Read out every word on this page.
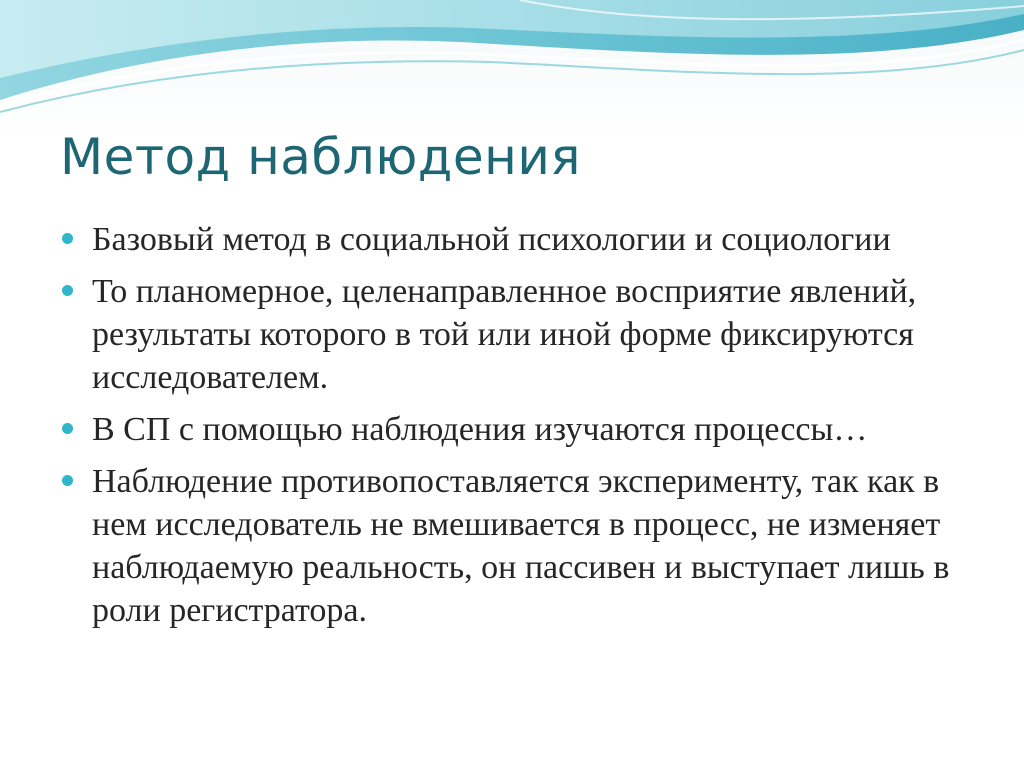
Метод наблюдения
Базовый метод в социальной психологии и социологии
То планомерное, целенаправленное восприятие явлений, результаты которого в той или иной форме фиксируются исследователем.
В СП с помощью наблюдения изучаются процессы…
Наблюдение противопоставляется эксперименту, так как в нем исследователь не вмешивается в процесс, не изменяет наблюдаемую реальность, он пассивен и выступает лишь в роли регистратора.
